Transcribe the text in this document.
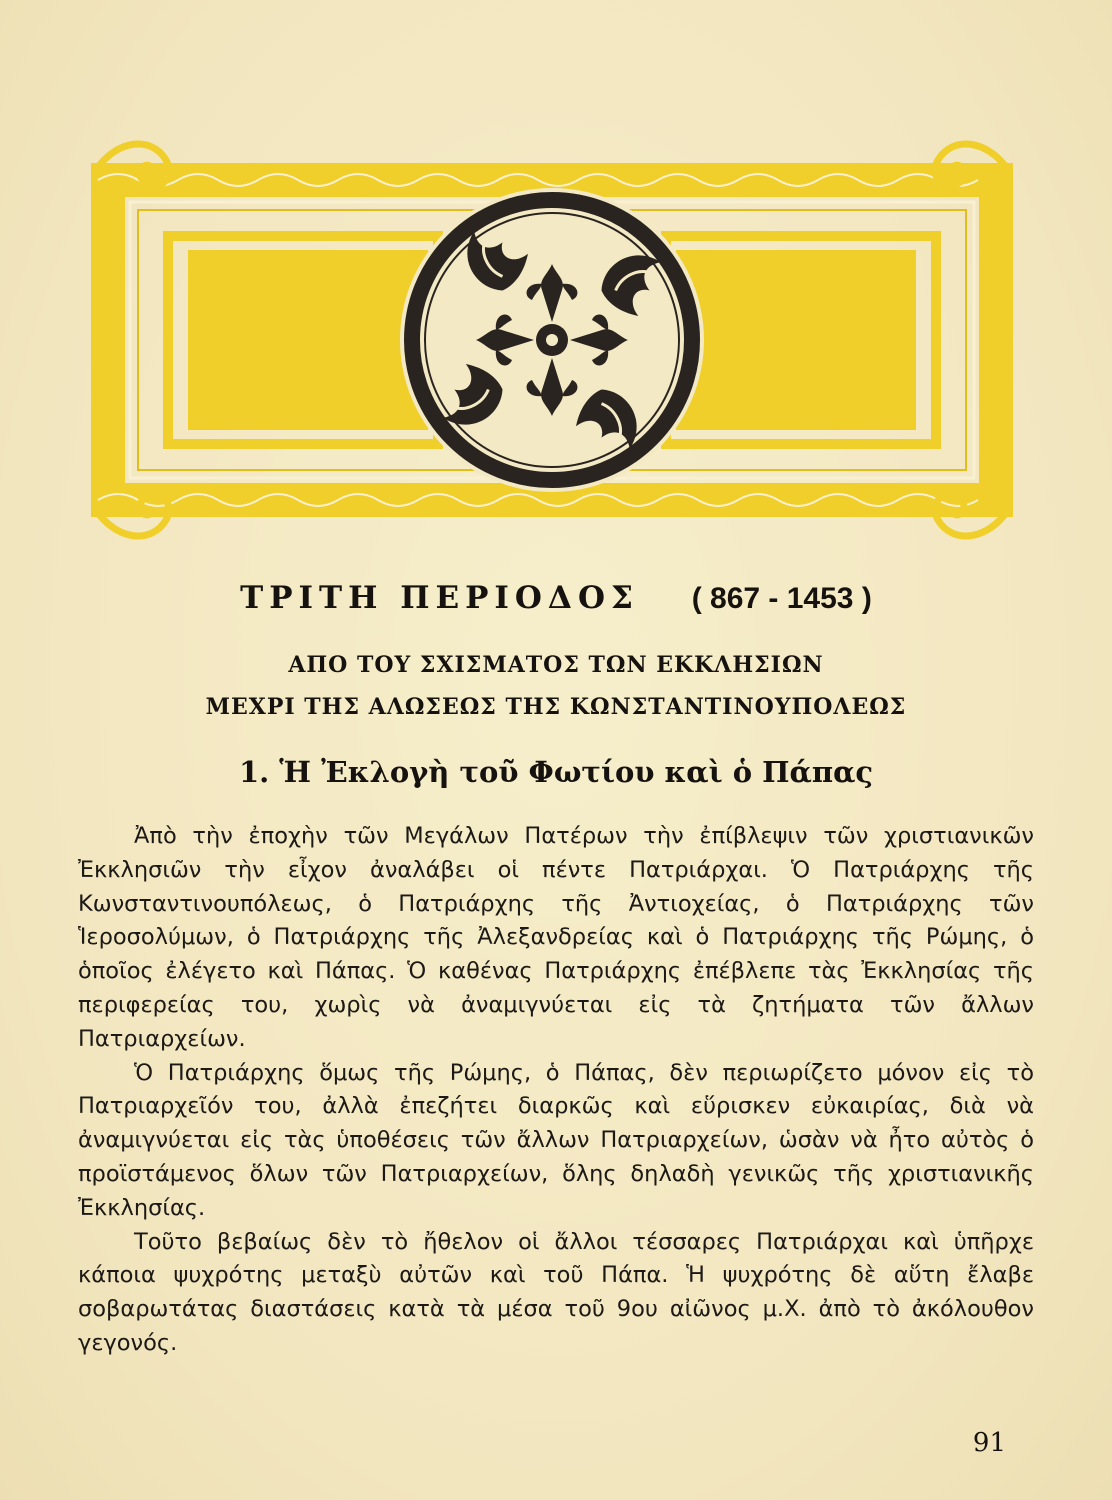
ΤΡΙΤΗ ΠΕΡΙΟΔΟΣ ( 867 - 1453 )
ΑΠΟ ΤΟΥ ΣΧΙΣΜΑΤΟΣ ΤΩΝ ΕΚΚΛΗΣΙΩΝ
ΜΕΧΡΙ ΤΗΣ ΑΛΩΣΕΩΣ ΤΗΣ ΚΩΝΣΤΑΝΤΙΝΟΥΠΟΛΕΩΣ
1. Ἡ Ἐκλογὴ τοῦ Φωτίου καὶ ὁ Πάπας

Ἀπὸ τὴν ἐποχὴν τῶν Μεγάλων Πατέρων τὴν ἐπίβλεψιν τῶν χριστιανικῶν Ἐκκλησιῶν τὴν εἶχον ἀναλάβει οἱ πέντε Πατριάρχαι. Ὁ Πατριάρχης τῆς Κωνσταντινουπόλεως, ὁ Πατριάρχης τῆς Ἀντιοχείας, ὁ Πατριάρχης τῶν Ἱεροσολύμων, ὁ Πατριάρχης τῆς Ἀλεξανδρείας καὶ ὁ Πατριάρχης τῆς Ρώμης, ὁ ὁποῖος ἐλέγετο καὶ Πάπας. Ὁ καθένας Πατριάρχης ἐπέβλεπε τὰς Ἐκκλησίας τῆς περιφερείας του, χωρὶς νὰ ἀναμιγνύεται εἰς τὰ ζητήματα τῶν ἄλλων Πατριαρχείων.

Ὁ Πατριάρχης ὅμως τῆς Ρώμης, ὁ Πάπας, δὲν περιωρίζετο μόνον εἰς τὸ Πατριαρχεῖόν του, ἀλλὰ ἐπεζήτει διαρκῶς καὶ εὕρισκεν εὐκαιρίας, διὰ νὰ ἀναμιγνύεται εἰς τὰς ὑποθέσεις τῶν ἄλλων Πατριαρχείων, ὡσὰν νὰ ἦτο αὐτὸς ὁ προϊστάμενος ὅλων τῶν Πατριαρχείων, ὅλης δηλαδὴ γενικῶς τῆς χριστιανικῆς Ἐκκλησίας.

Τοῦτο βεβαίως δὲν τὸ ἤθελον οἱ ἄλλοι τέσσαρες Πατριάρχαι καὶ ὑπῆρχε κάποια ψυχρότης μεταξὺ αὐτῶν καὶ τοῦ Πάπα. Ἡ ψυχρότης δὲ αὕτη ἔλαβε σοβαρωτάτας διαστάσεις κατὰ τὰ μέσα τοῦ 9ου αἰῶνος μ.Χ. ἀπὸ τὸ ἀκόλουθον γεγονός.

91
